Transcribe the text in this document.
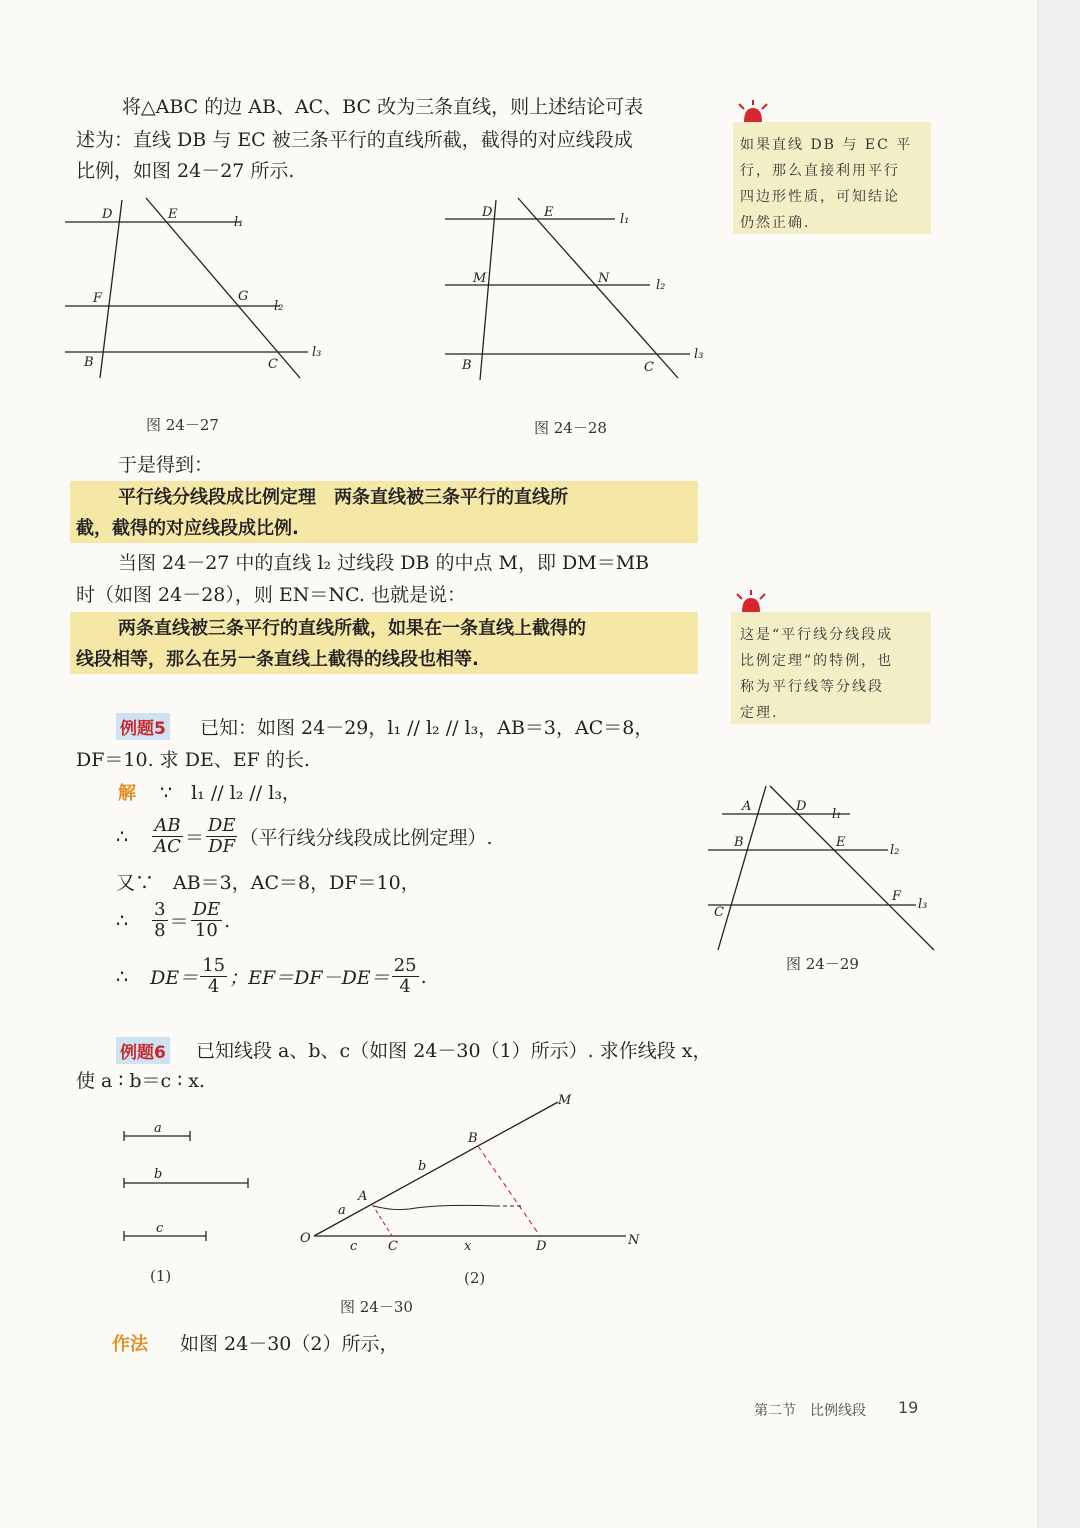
将△ABC 的边 AB、AC、BC 改为三条直线，则上述结论可表
述为：直线 DB 与 EC 被三条平行的直线所截，截得的对应线段成
比例，如图 24－27 所示.
如果直线 DB 与 EC 平
行，那么直接利用平行
四边形性质，可知结论
仍然正确.
D	E
l₁
F	G
l₂
B	C
l₃
图 24－27
D	E	l₁
M	N	l₂
B	C
l₃
图 24－28
于是得到：
平行线分线段成比例定理　两条直线被三条平行的直线所
截，截得的对应线段成比例.
当图 24－27 中的直线 l₂ 过线段 DB 的中点 M，即 DM＝MB
时（如图 24－28），则 EN＝NC. 也就是说：
两条直线被三条平行的直线所截，如果在一条直线上截得的
线段相等，那么在另一条直线上截得的线段也相等.
这是“平行线分线段成
比例定理”的特例，也
称为平行线等分线段
定理.
例题5 已知：如图 24－29，l₁ // l₂ // l₃，AB＝3，AC＝8，
DF＝10. 求 DE、EF 的长.
解 ∵　l₁ // l₂ // l₃，
∴ $\frac{AB}{AC} = \frac{DE}{DF}$ （平行线分线段成比例定理）.
又∵　AB＝3，AC＝8，DF＝10，
∴ $\frac{3}{8} = \frac{DE}{10}$ .
∴ $DE= \frac{15}{4}$ ；$EF=DF-DE= \frac{25}{4}$ .
A	D
l₁
B	E
l₂
C
F
l₃
图 24－29
例题6 已知线段 a、b、c（如图 24－30（1）所示）. 求作线段 x，
使 a ∶ b＝c ∶ x.
a
b
c
(1)
M
B
b
A
a
O
c C	x	D	N
(2)
图 24－30
作法 如图 24－30（2）所示，
第二节　比例线段 19
